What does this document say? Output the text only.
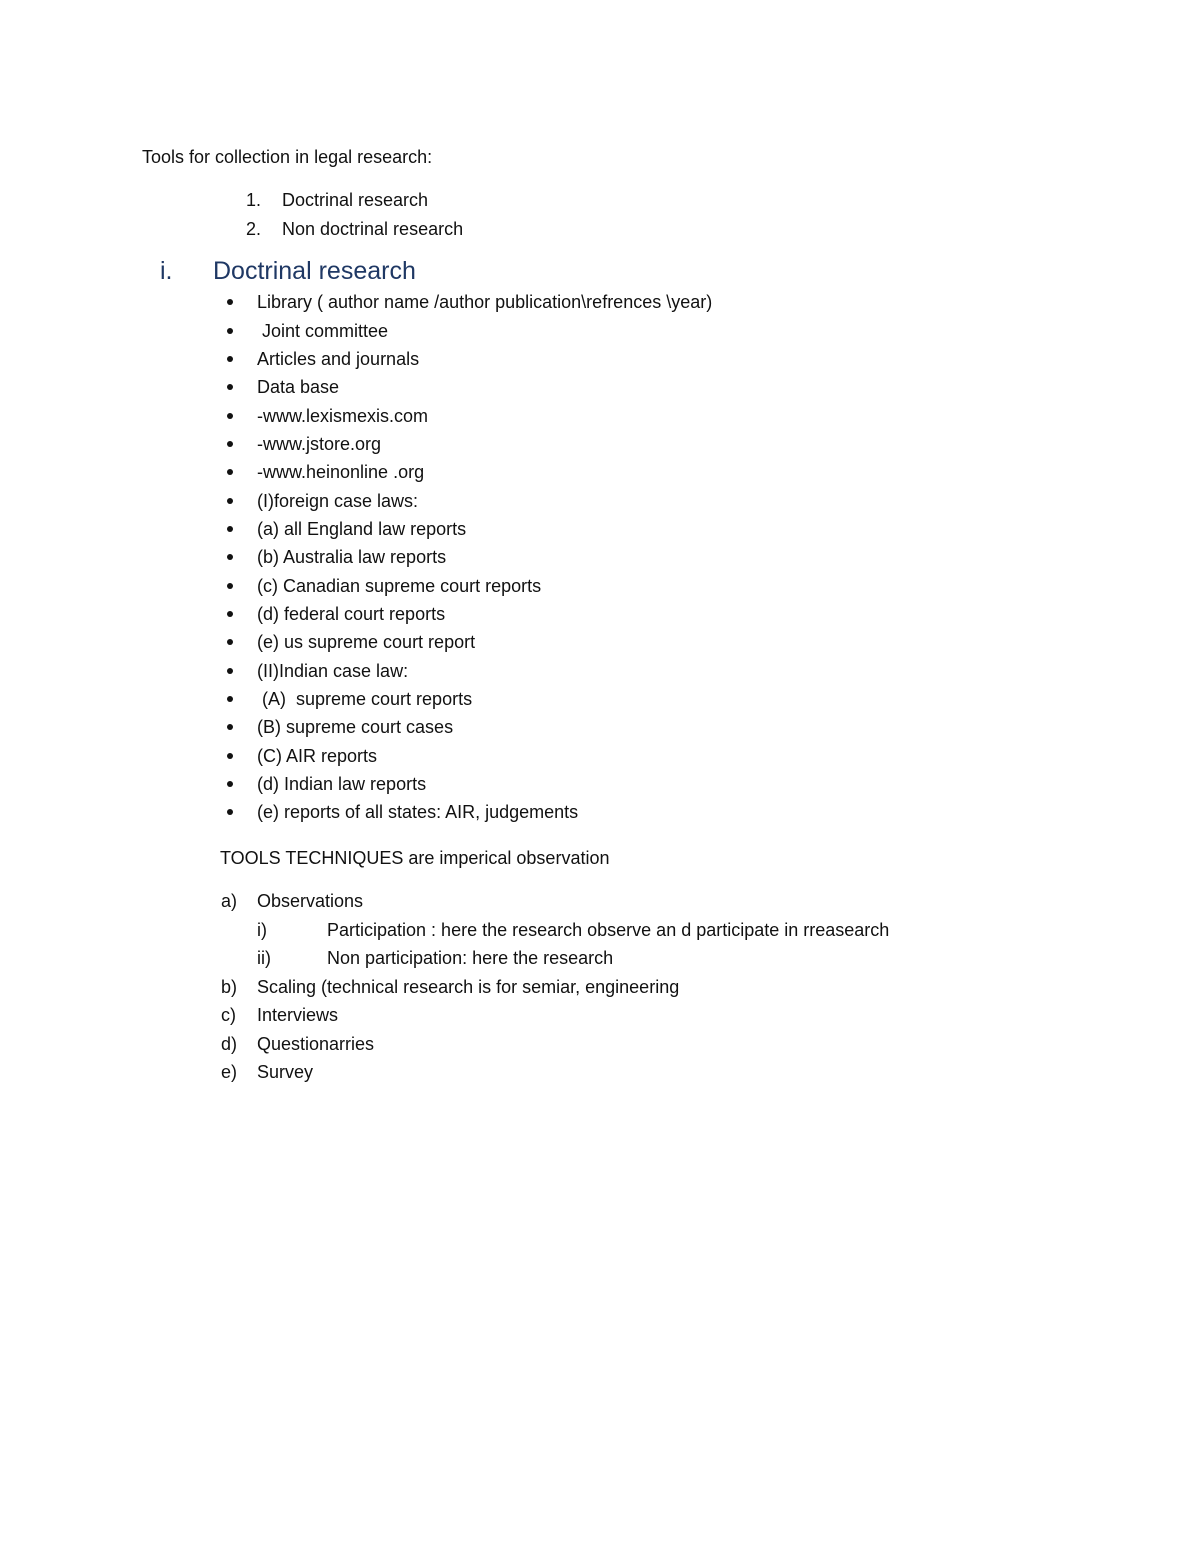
Tools for collection in legal research:
1.	Doctrinal research
2.	Non doctrinal research
i.	Doctrinal research
Library ( author name /author publication\refrences \year)
Joint committee
Articles and journals
Data base
-www.lexismexis.com
-www.jstore.org
-www.heinonline .org
(I)foreign case laws:
(a) all England law reports
(b) Australia law reports
(c) Canadian supreme court reports
(d) federal court reports
(e) us supreme court report
(II)Indian case law:
(A)  supreme court reports
(B) supreme court cases
(C) AIR reports
(d) Indian law reports
(e) reports of all states: AIR, judgements
TOOLS TECHNIQUES are imperical observation
a)	Observations
i)	Participation : here the research observe an d participate in rreasearch
ii)	Non participation: here the research
b)	Scaling (technical research is for semiar, engineering
c)	Interviews
d)	Questionarries
e)	Survey
